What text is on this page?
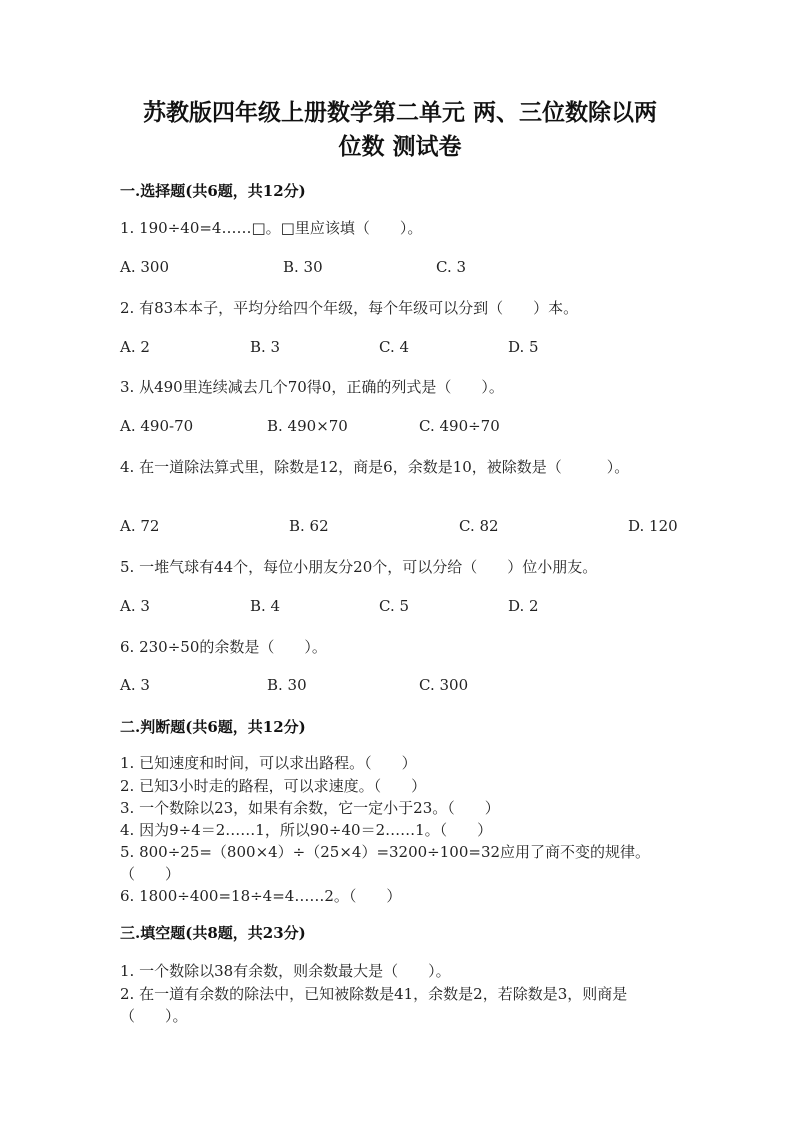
苏教版四年级上册数学第二单元 两、三位数除以两
位数 测试卷
一.选择题(共6题，共12分)
1. 190÷40=4……□。□里应该填（　　）。
A. 300	B. 30	C. 3
2. 有83本本子，平均分给四个年级，每个年级可以分到（　　）本。
A. 2	B. 3	C. 4	D. 5
3. 从490里连续减去几个70得0，正确的列式是（　　）。
A. 490-70	B. 490×70	C. 490÷70
4. 在一道除法算式里，除数是12，商是6，余数是10，被除数是（　　　）。
A. 72	B. 62	C. 82	D. 120
5. 一堆气球有44个，每位小朋友分20个，可以分给（　　）位小朋友。
A. 3	B. 4	C. 5	D. 2
6. 230÷50的余数是（　　）。
A. 3	B. 30	C. 300
二.判断题(共6题，共12分)
1. 已知速度和时间，可以求出路程。（　　）
2. 已知3小时走的路程，可以求速度。（　　）
3. 一个数除以23，如果有余数，它一定小于23。（　　）
4. 因为9÷4＝2……1，所以90÷40＝2……1。（　　）
5. 800÷25=（800×4）÷（25×4）=3200÷100=32应用了商不变的规律。
（　　）
6. 1800÷400=18÷4=4……2。（　　）
三.填空题(共8题，共23分)
1. 一个数除以38有余数，则余数最大是（　　）。
2. 在一道有余数的除法中，已知被除数是41，余数是2，若除数是3，则商是
（　　）。
